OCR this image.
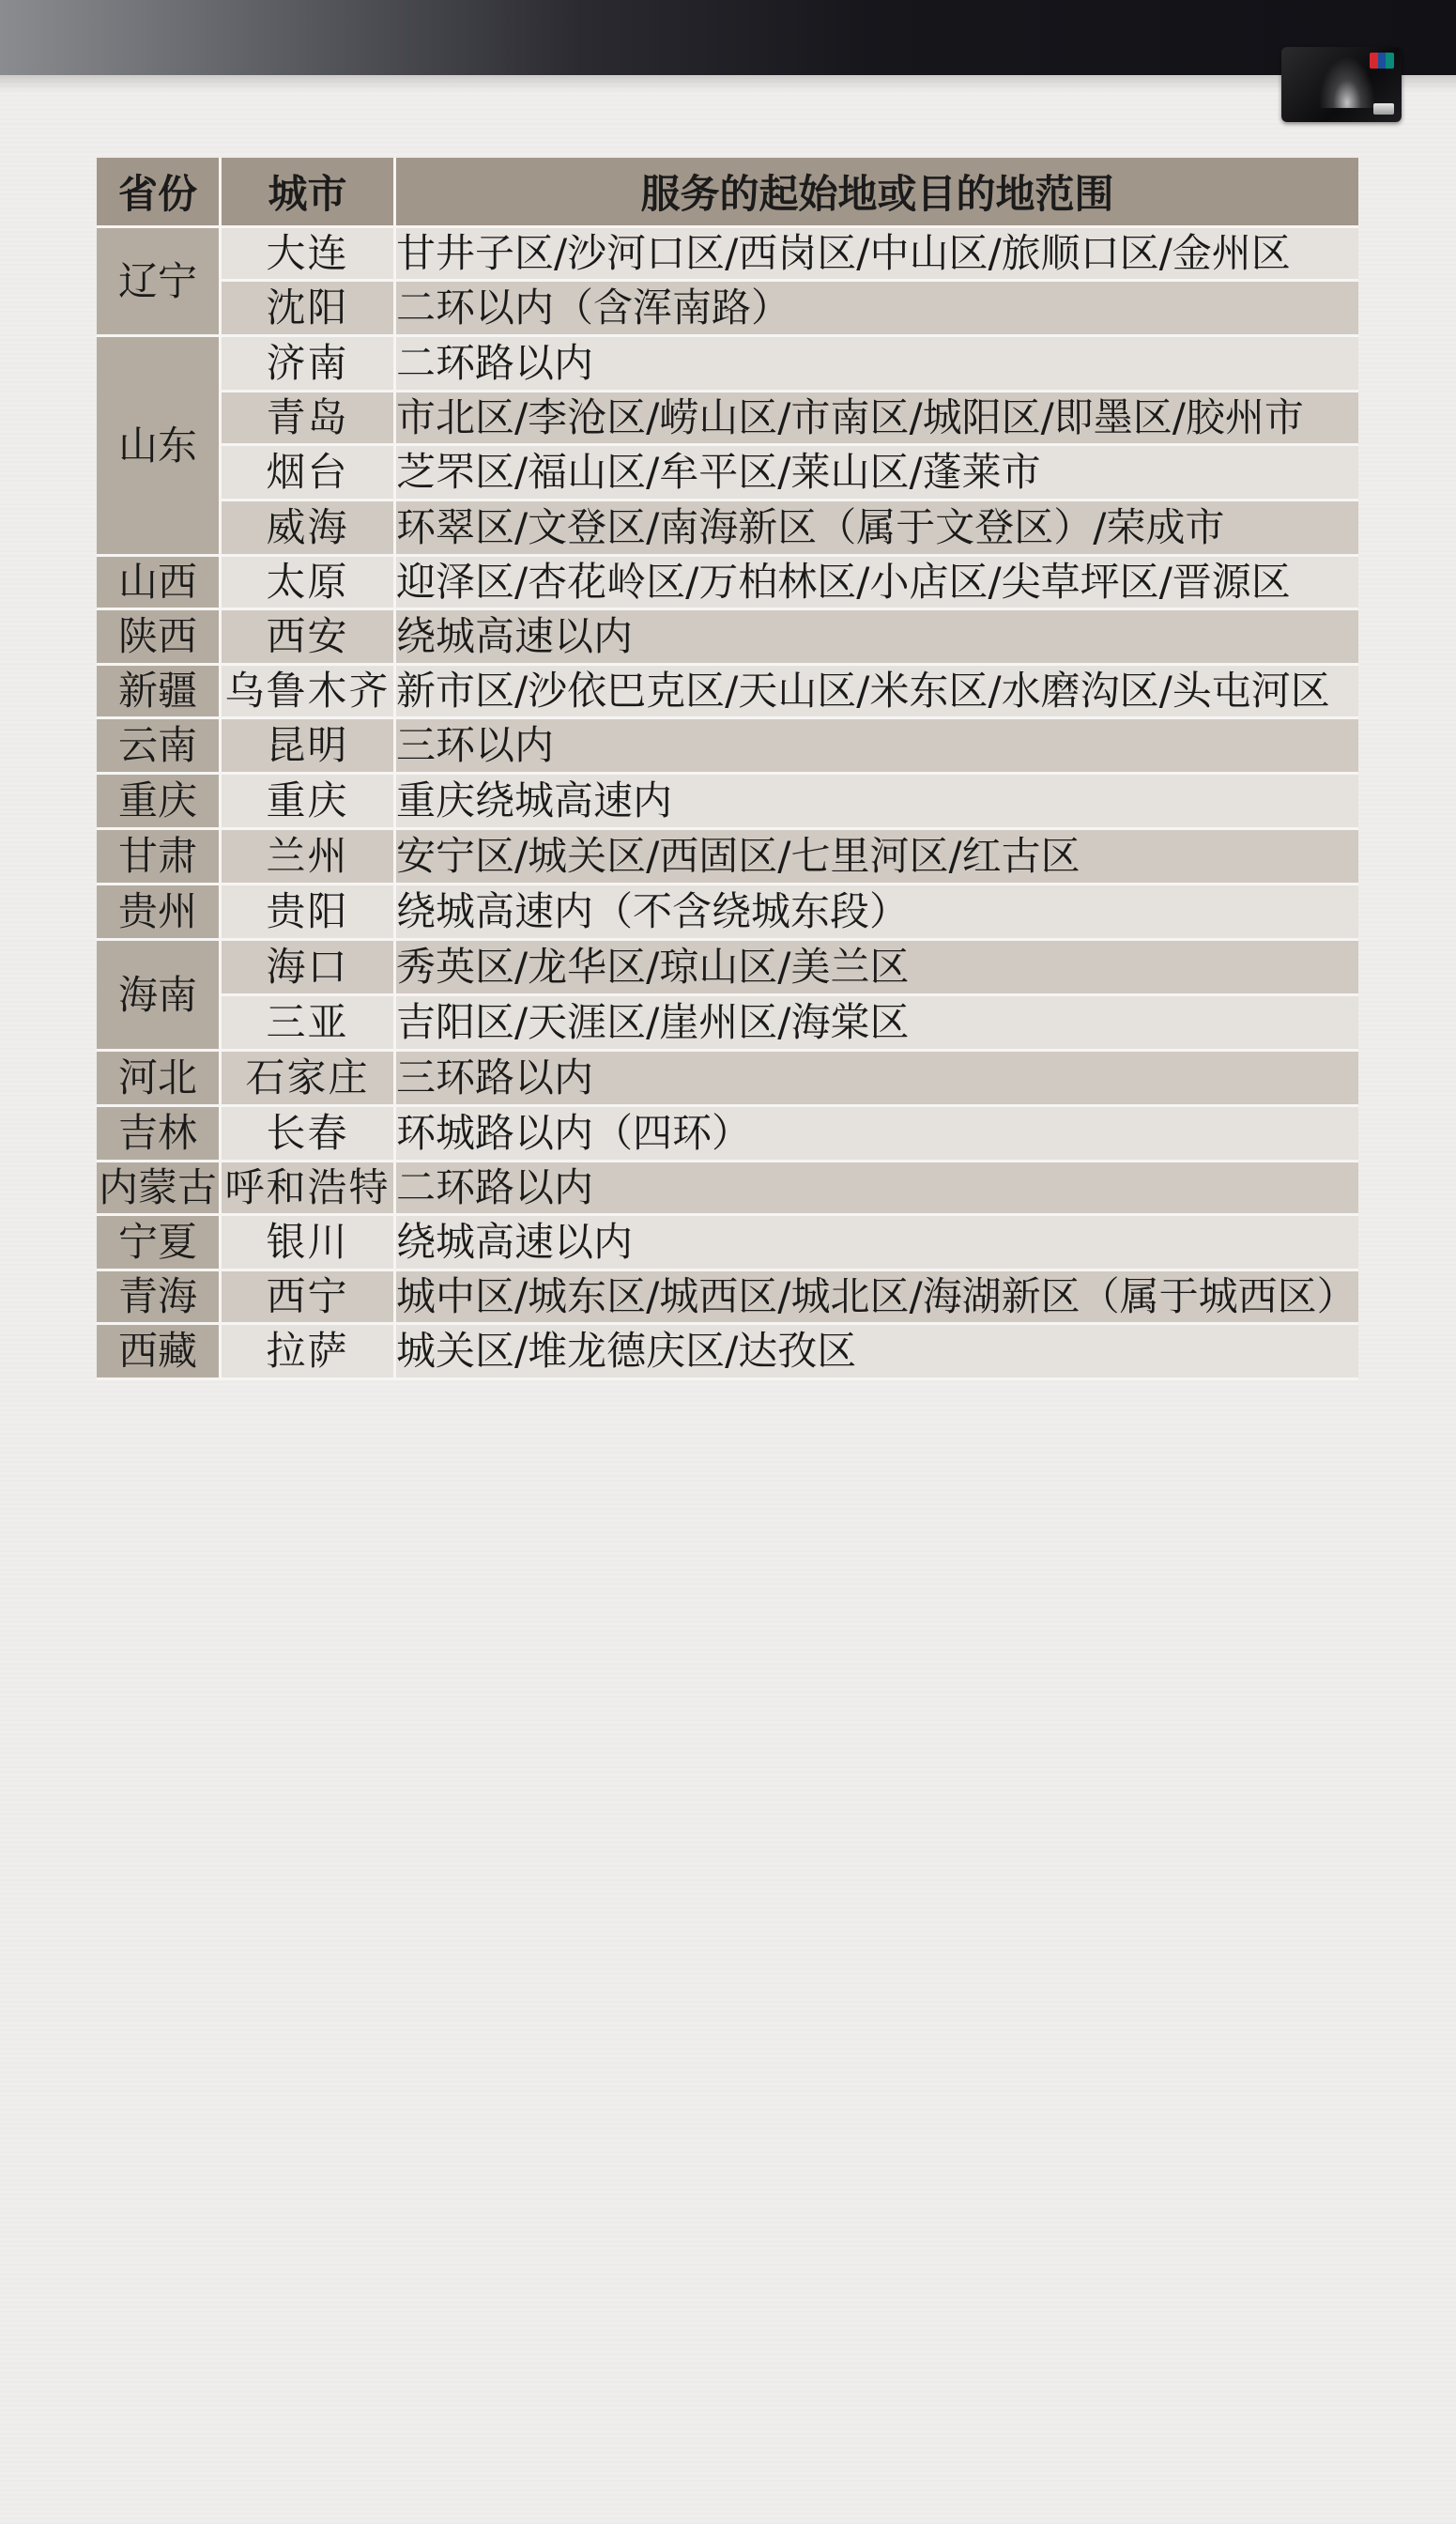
省份	城市	服务的起始地或目的地范围
辽宁	大连	甘井子区/沙河口区/西岗区/中山区/旅顺口区/金州区
	沈阳	二环以内（含浑南路）
山东	济南	二环路以内
	青岛	市北区/李沧区/崂山区/市南区/城阳区/即墨区/胶州市
	烟台	芝罘区/福山区/牟平区/莱山区/蓬莱市
	威海	环翠区/文登区/南海新区（属于文登区）/荣成市
山西	太原	迎泽区/杏花岭区/万柏林区/小店区/尖草坪区/晋源区
陕西	西安	绕城高速以内
新疆	乌鲁木齐	新市区/沙依巴克区/天山区/米东区/水磨沟区/头屯河区
云南	昆明	三环以内
重庆	重庆	重庆绕城高速内
甘肃	兰州	安宁区/城关区/西固区/七里河区/红古区
贵州	贵阳	绕城高速内（不含绕城东段）
海南	海口	秀英区/龙华区/琼山区/美兰区
	三亚	吉阳区/天涯区/崖州区/海棠区
河北	石家庄	三环路以内
吉林	长春	环城路以内（四环）
内蒙古	呼和浩特	二环路以内
宁夏	银川	绕城高速以内
青海	西宁	城中区/城东区/城西区/城北区/海湖新区（属于城西区）
西藏	拉萨	城关区/堆龙德庆区/达孜区
